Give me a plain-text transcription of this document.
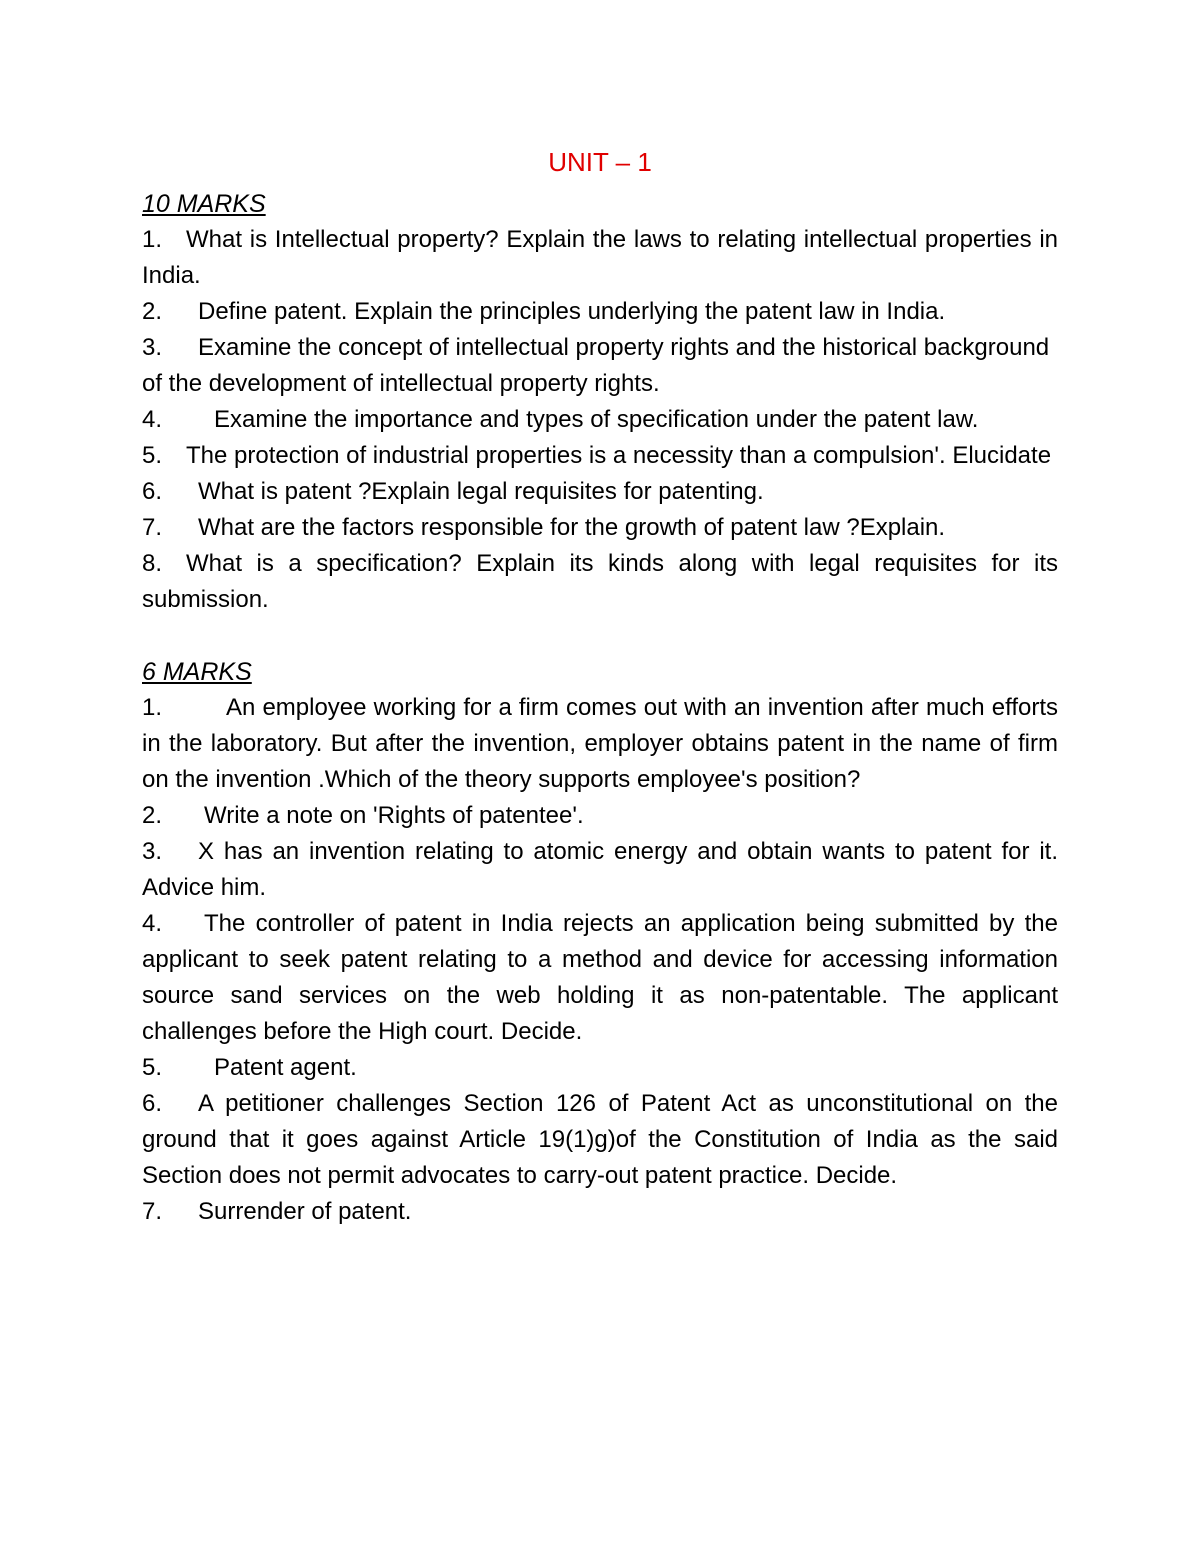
UNIT – 1

10 MARKS

1. What is Intellectual property? Explain the laws to relating intellectual properties in India.

2. Define patent. Explain the principles underlying the patent law in India.

3. Examine the concept of intellectual property rights and the historical background of the development of intellectual property rights.

4. Examine the importance and types of specification under the patent law.

5. The protection of industrial properties is a necessity than a compulsion'. Elucidate

6. What is patent ?Explain legal requisites for patenting.

7. What are the factors responsible for the growth of patent law ?Explain.

8. What is a specification? Explain its kinds along with legal requisites for its submission.

6 MARKS

1.	An employee working for a firm comes out with an invention after much efforts in the laboratory. But after the invention, employer obtains patent in the name of firm on the invention .Which of the theory supports employee's position?

2. Write a note on 'Rights of patentee'.

3. X has an invention relating to atomic energy and obtain wants to patent for it. Advice him.

4. The controller of patent in India rejects an application being submitted by the applicant to seek patent relating to a method and device for accessing information source sand services on the web holding it as non-patentable. The applicant challenges before the High court. Decide.

5. Patent agent.

6. A petitioner challenges Section 126 of Patent Act as unconstitutional on the ground that it goes against Article 19(1)g)of the Constitution of India as the said Section does not permit advocates to carry-out patent practice. Decide.

7. Surrender of patent.
